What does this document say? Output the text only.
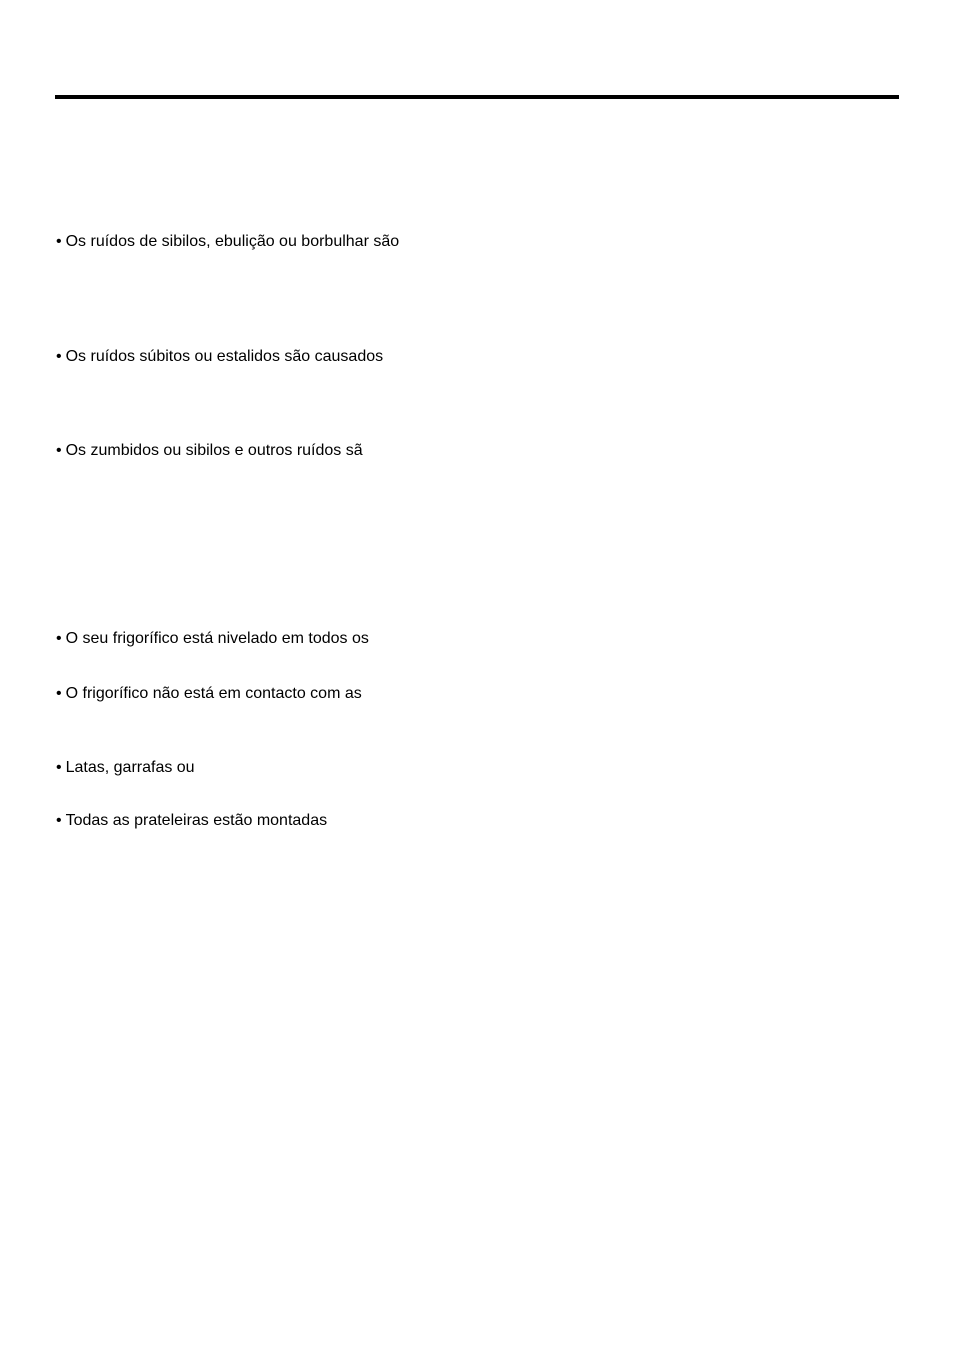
• Os ruídos de sibilos, ebulição ou borbulhar são
• Os ruídos súbitos ou estalidos são causados
• Os zumbidos ou sibilos e outros ruídos sã
• O seu frigorífico está nivelado em todos os
• O frigorífico não está em contacto com as
• Latas, garrafas ou
• Todas as prateleiras estão montadas
